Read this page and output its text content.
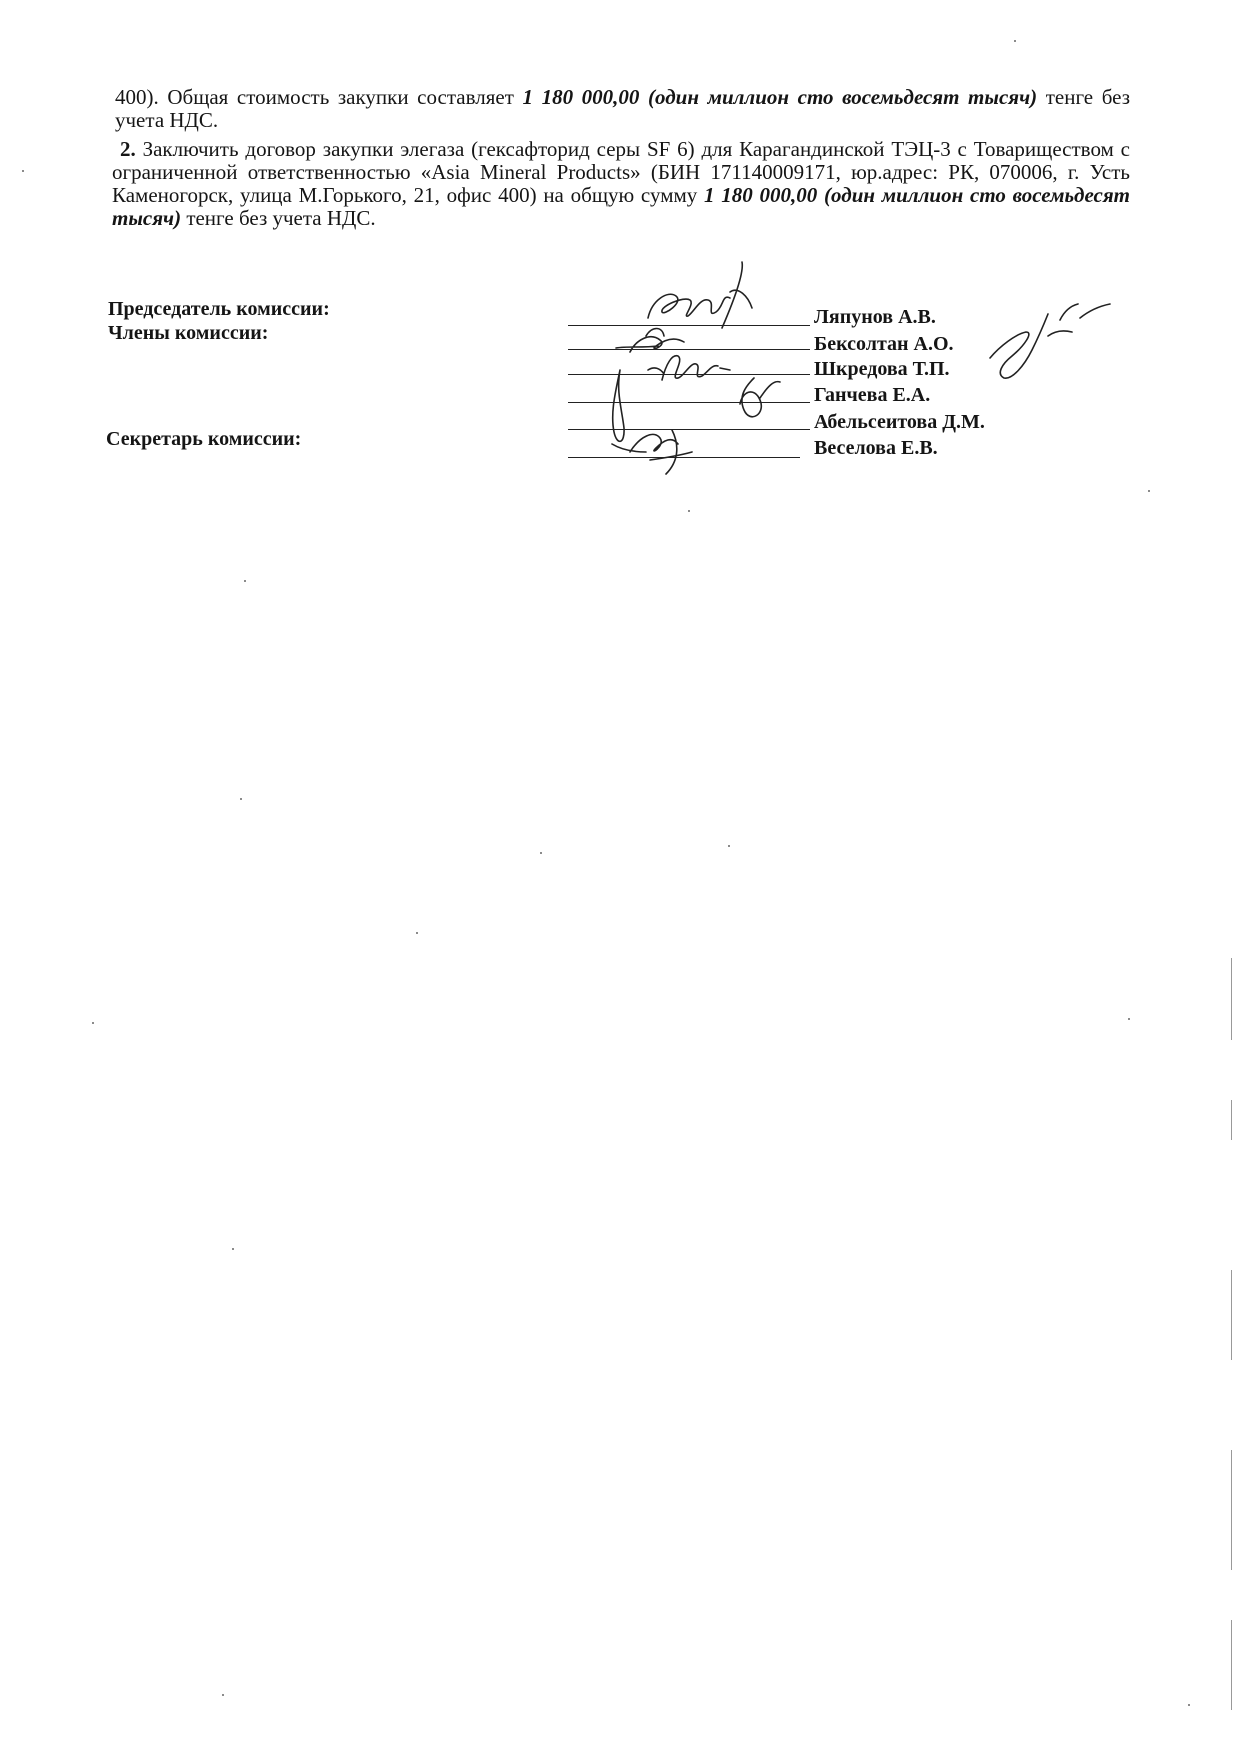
400). Общая стоимость закупки составляет 1 180 000,00 (один миллион сто восемьдесят тысяч) тенге без учета НДС.

2. Заключить договор закупки элегаза (гексафторид серы SF 6) для Карагандинской ТЭЦ-3 с Товариществом с ограниченной ответственностью «Asia Mineral Products» (БИН 171140009171, юр.адрес: РК, 070006, г. Усть Каменогорск, улица М.Горького, 21, офис 400) на общую сумму 1 180 000,00 (один миллион сто восемьдесят тысяч) тенге без учета НДС.

Председатель комиссии:
Члены комиссии:
Секретарь комиссии:
Ляпунов А.В.
Бексолтан А.О.
Шкредова Т.П.
Ганчева Е.А.
Абельсеитова Д.М.
Веселова Е.В.
